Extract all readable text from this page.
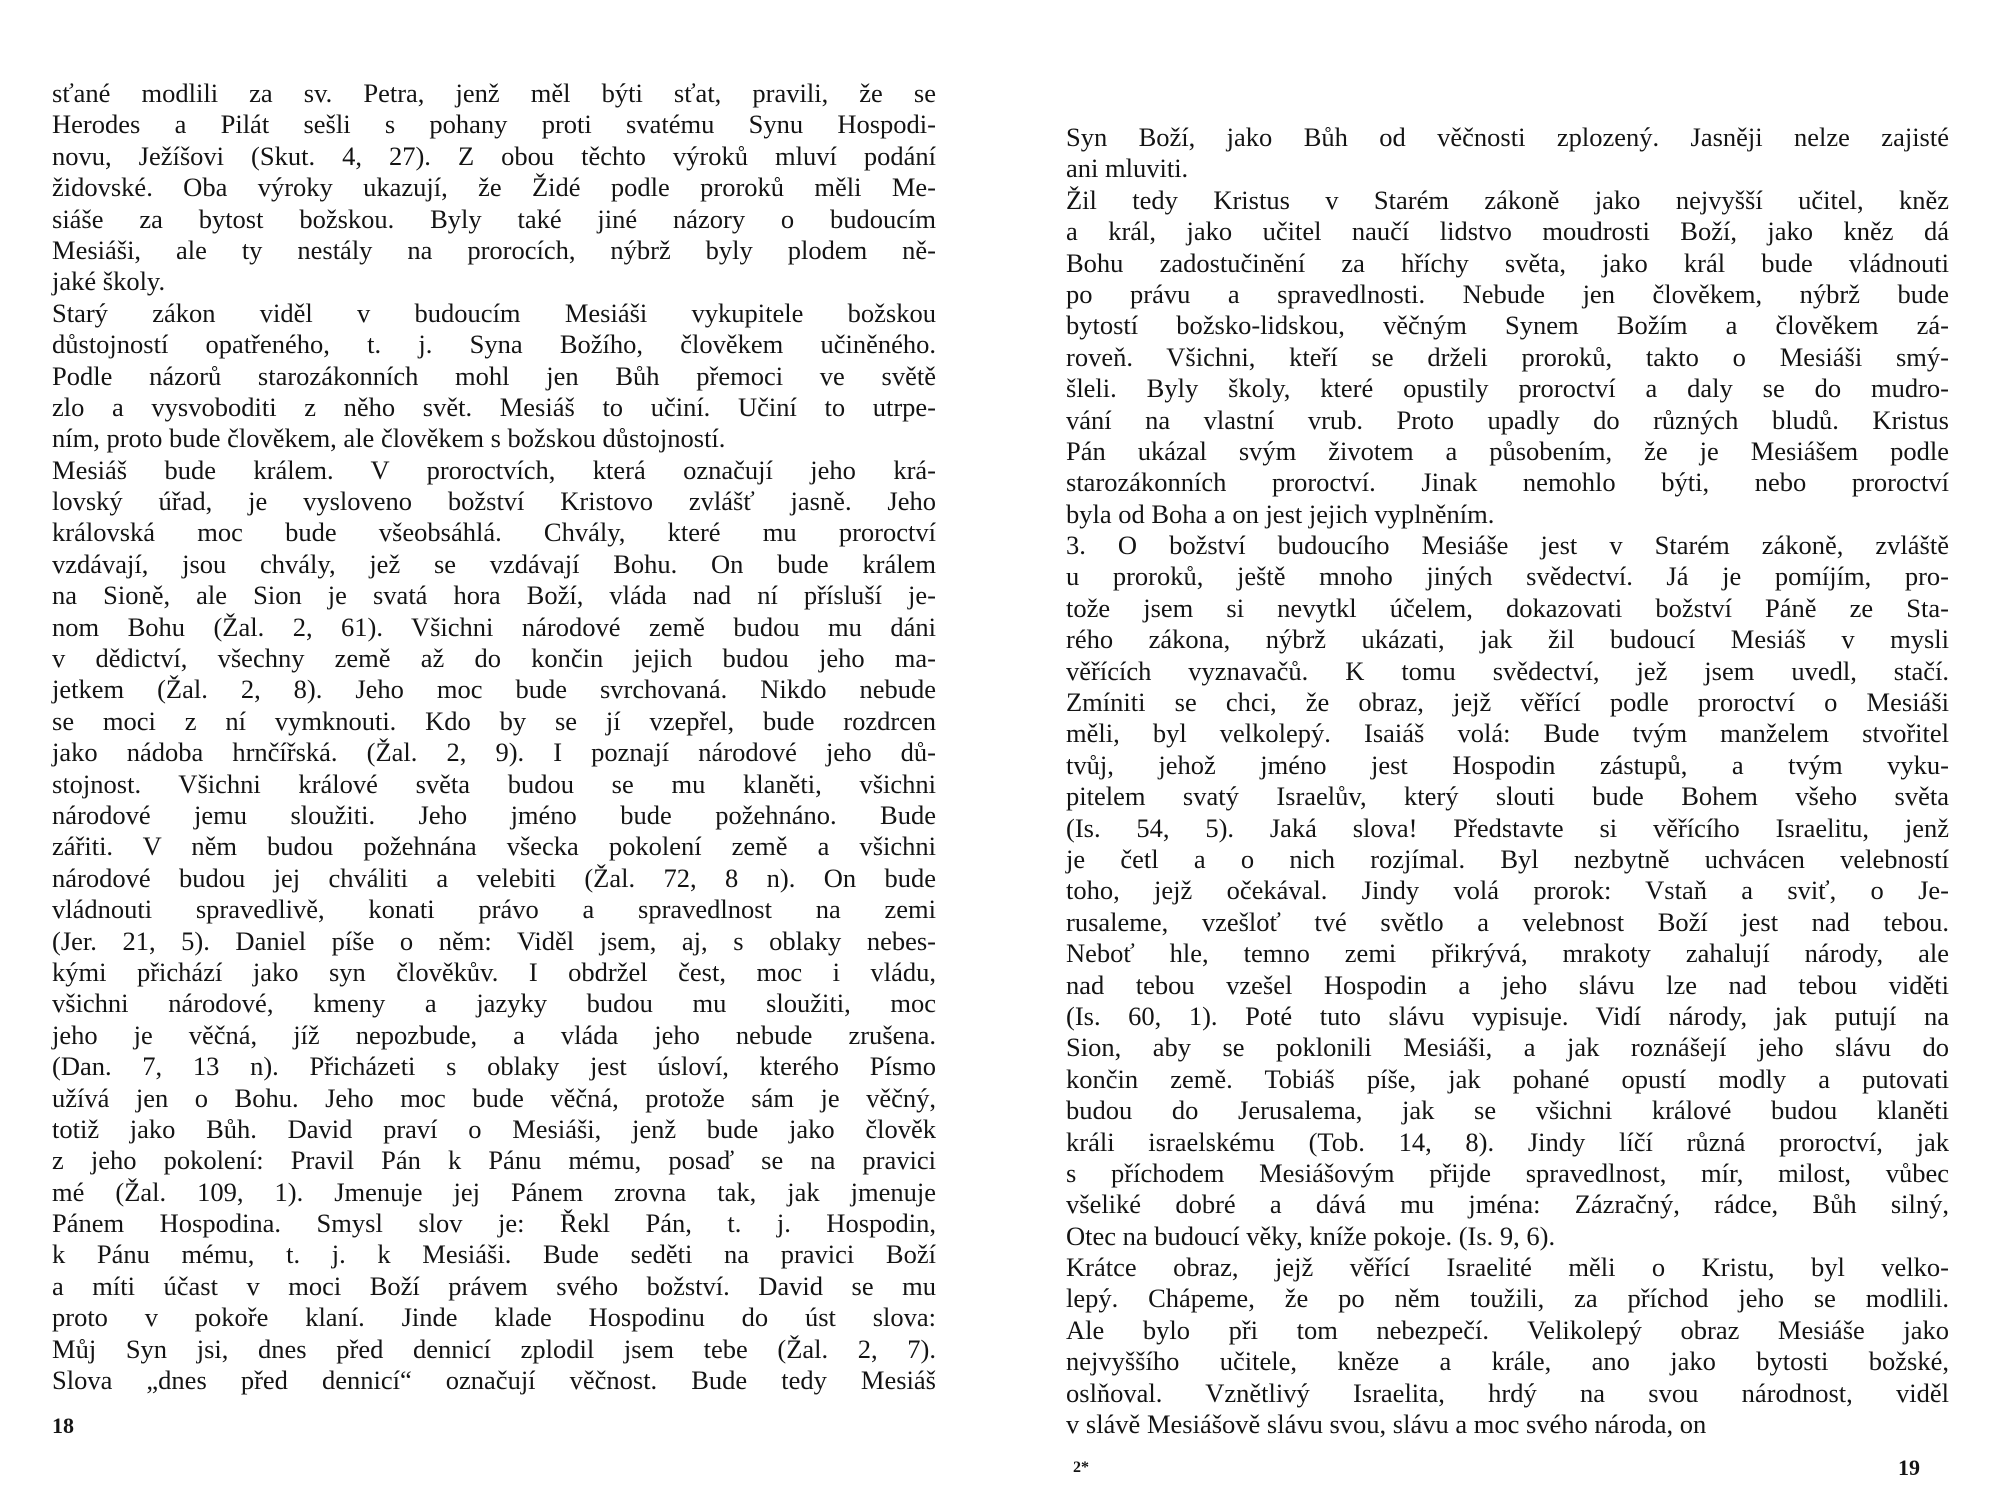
sťané modlili za sv. Petra, jenž měl býti sťat, pravili, že se
Herodes a Pilát sešli s pohany proti svatému Synu Hospodi-
novu, Ježíšovi (Skut. 4, 27). Z obou těchto výroků mluví podání
židovské. Oba výroky ukazují, že Židé podle proroků měli Me-
siáše za bytost božskou. Byly také jiné názory o budoucím
Mesiáši, ale ty nestály na prorocích, nýbrž byly plodem ně-
jaké školy.
Starý zákon viděl v budoucím Mesiáši vykupitele božskou
důstojností opatřeného, t. j. Syna Božího, člověkem učiněného.
Podle názorů starozákonních mohl jen Bůh přemoci ve světě
zlo a vysvoboditi z něho svět. Mesiáš to učiní. Učiní to utrpe-
ním, proto bude člověkem, ale člověkem s božskou důstojností.
Mesiáš bude králem. V proroctvích, která označují jeho krá-
lovský úřad, je vysloveno božství Kristovo zvlášť jasně. Jeho
královská moc bude všeobsáhlá. Chvály, které mu proroctví
vzdávají, jsou chvály, jež se vzdávají Bohu. On bude králem
na Sioně, ale Sion je svatá hora Boží, vláda nad ní přísluší je-
nom Bohu (Žal. 2, 61). Všichni národové země budou mu dáni
v dědictví, všechny země až do končin jejich budou jeho ma-
jetkem (Žal. 2, 8). Jeho moc bude svrchovaná. Nikdo nebude
se moci z ní vymknouti. Kdo by se jí vzepřel, bude rozdrcen
jako nádoba hrnčířská. (Žal. 2, 9). I poznají národové jeho dů-
stojnost. Všichni králové světa budou se mu klaněti, všichni
národové jemu sloužiti. Jeho jméno bude požehnáno. Bude
zářiti. V něm budou požehnána všecka pokolení země a všichni
národové budou jej chváliti a velebiti (Žal. 72, 8 n). On bude
vládnouti spravedlivě, konati právo a spravedlnost na zemi
(Jer. 21, 5). Daniel píše o něm: Viděl jsem, aj, s oblaky nebes-
kými přichází jako syn člověkův. I obdržel čest, moc i vládu,
všichni národové, kmeny a jazyky budou mu sloužiti, moc
jeho je věčná, jíž nepozbude, a vláda jeho nebude zrušena.
(Dan. 7, 13 n). Přicházeti s oblaky jest úsloví, kterého Písmo
užívá jen o Bohu. Jeho moc bude věčná, protože sám je věčný,
totiž jako Bůh. David praví o Mesiáši, jenž bude jako člověk
z jeho pokolení: Pravil Pán k Pánu mému, posaď se na pravici
mé (Žal. 109, 1). Jmenuje jej Pánem zrovna tak, jak jmenuje
Pánem Hospodina. Smysl slov je: Řekl Pán, t. j. Hospodin,
k Pánu mému, t. j. k Mesiáši. Bude seděti na pravici Boží
a míti účast v moci Boží právem svého božství. David se mu
proto v pokoře klaní. Jinde klade Hospodinu do úst slova:
Můj Syn jsi, dnes před dennicí zplodil jsem tebe (Žal. 2, 7).
Slova „dnes před dennicí“ označují věčnost. Bude tedy Mesiáš
18
Syn Boží, jako Bůh od věčnosti zplozený. Jasněji nelze zajisté
ani mluviti.
Žil tedy Kristus v Starém zákoně jako nejvyšší učitel, kněz
a král, jako učitel naučí lidstvo moudrosti Boží, jako kněz dá
Bohu zadostučinění za hříchy světa, jako král bude vládnouti
po právu a spravedlnosti. Nebude jen člověkem, nýbrž bude
bytostí božsko-lidskou, věčným Synem Božím a člověkem zá-
roveň. Všichni, kteří se drželi proroků, takto o Mesiáši smý-
šleli. Byly školy, které opustily proroctví a daly se do mudro-
vání na vlastní vrub. Proto upadly do různých bludů. Kristus
Pán ukázal svým životem a působením, že je Mesiášem podle
starozákonních proroctví. Jinak nemohlo býti, nebo proroctví
byla od Boha a on jest jejich vyplněním.
3. O božství budoucího Mesiáše jest v Starém zákoně, zvláště
u proroků, ještě mnoho jiných svědectví. Já je pomíjím, pro-
tože jsem si nevytkl účelem, dokazovati božství Páně ze Sta-
rého zákona, nýbrž ukázati, jak žil budoucí Mesiáš v mysli
věřících vyznavačů. K tomu svědectví, jež jsem uvedl, stačí.
Zmíniti se chci, že obraz, jejž věřící podle proroctví o Mesiáši
měli, byl velkolepý. Isaiáš volá: Bude tvým manželem stvořitel
tvůj, jehož jméno jest Hospodin zástupů, a tvým vyku-
pitelem svatý Israelův, který slouti bude Bohem všeho světa
(Is. 54, 5). Jaká slova! Představte si věřícího Israelitu, jenž
je četl a o nich rozjímal. Byl nezbytně uchvácen velebností
toho, jejž očekával. Jindy volá prorok: Vstaň a sviť, o Je-
rusaleme, vzešloť tvé světlo a velebnost Boží jest nad tebou.
Neboť hle, temno zemi přikrývá, mrakoty zahalují národy, ale
nad tebou vzešel Hospodin a jeho slávu lze nad tebou viděti
(Is. 60, 1). Poté tuto slávu vypisuje. Vidí národy, jak putují na
Sion, aby se poklonili Mesiáši, a jak roznášejí jeho slávu do
končin země. Tobiáš píše, jak pohané opustí modly a putovati
budou do Jerusalema, jak se všichni králové budou klaněti
králi israelskému (Tob. 14, 8). Jindy líčí různá proroctví, jak
s příchodem Mesiášovým přijde spravedlnost, mír, milost, vůbec
všeliké dobré a dává mu jména: Zázračný, rádce, Bůh silný,
Otec na budoucí věky, kníže pokoje. (Is. 9, 6).
Krátce obraz, jejž věřící Israelité měli o Kristu, byl velko-
lepý. Chápeme, že po něm toužili, za příchod jeho se modlili.
Ale bylo při tom nebezpečí. Velikolepý obraz Mesiáše jako
nejvyššího učitele, kněze a krále, ano jako bytosti božské,
oslňoval. Vznětlivý Israelita, hrdý na svou národnost, viděl
v slávě Mesiášově slávu svou, slávu a moc svého národa, on
2*	19
